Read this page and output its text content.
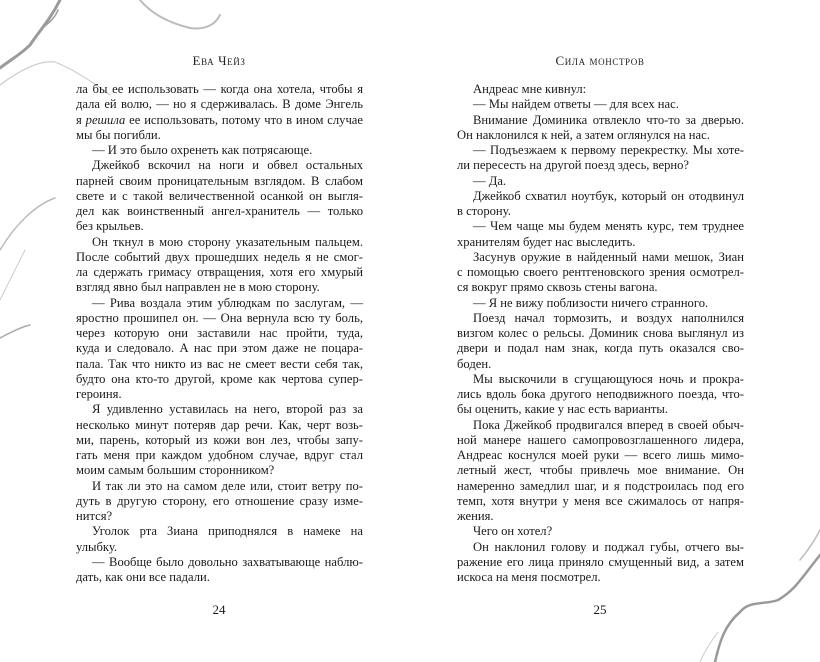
Ева Чейз	Сила монстров
ла бы ее использовать — когда она хотела, чтобы я
дала ей волю, — но я сдерживалась. В доме Энгель
я решила ее использовать, потому что в ином случае
мы бы погибли.
— И это было охренеть как потрясающе.
Джейкоб вскочил на ноги и обвел остальных
парней своим проницательным взглядом. В слабом
свете и с такой величественной осанкой он выгля-
дел как воинственный ангел-хранитель — только
без крыльев.
Он ткнул в мою сторону указательным пальцем.
После событий двух прошедших недель я не смог-
ла сдержать гримасу отвращения, хотя его хмурый
взгляд явно был направлен не в мою сторону.
— Рива воздала этим ублюдкам по заслугам, —
яростно прошипел он. — Она вернула всю ту боль,
через которую они заставили нас пройти, туда,
куда и следовало. А нас при этом даже не поцара-
пала. Так что никто из вас не смеет вести себя так,
будто она кто-то другой, кроме как чертова супер-
героиня.
Я удивленно уставилась на него, второй раз за
несколько минут потеряв дар речи. Как, черт возь-
ми, парень, который из кожи вон лез, чтобы запу-
гать меня при каждом удобном случае, вдруг стал
моим самым большим сторонником?
И так ли это на самом деле или, стоит ветру по-
дуть в другую сторону, его отношение сразу изме-
нится?
Уголок рта Зиана приподнялся в намеке на
улыбку.
— Вообще было довольно захватывающе наблю-
дать, как они все падали.
Андреас мне кивнул:
— Мы найдем ответы — для всех нас.
Внимание Доминика отвлекло что-то за дверью.
Он наклонился к ней, а затем оглянулся на нас.
— Подъезжаем к первому перекрестку. Мы хоте-
ли пересесть на другой поезд здесь, верно?
— Да.
Джейкоб схватил ноутбук, который он отодвинул
в сторону.
— Чем чаще мы будем менять курс, тем труднее
хранителям будет нас выследить.
Засунув оружие в найденный нами мешок, Зиан
с помощью своего рентгеновского зрения осмотрел-
ся вокруг прямо сквозь стены вагона.
— Я не вижу поблизости ничего странного.
Поезд начал тормозить, и воздух наполнился
визгом колес о рельсы. Доминик снова выглянул из
двери и подал нам знак, когда путь оказался сво-
боден.
Мы выскочили в сгущающуюся ночь и прокра-
лись вдоль бока другого неподвижного поезда, что-
бы оценить, какие у нас есть варианты.
Пока Джейкоб продвигался вперед в своей обыч-
ной манере нашего самопровозглашенного лидера,
Андреас коснулся моей руки — всего лишь мимо-
летный жест, чтобы привлечь мое внимание. Он
намеренно замедлил шаг, и я подстроилась под его
темп, хотя внутри у меня все сжималось от напря-
жения.
Чего он хотел?
Он наклонил голову и поджал губы, отчего вы-
ражение его лица приняло смущенный вид, а затем
искоса на меня посмотрел.
24	25
